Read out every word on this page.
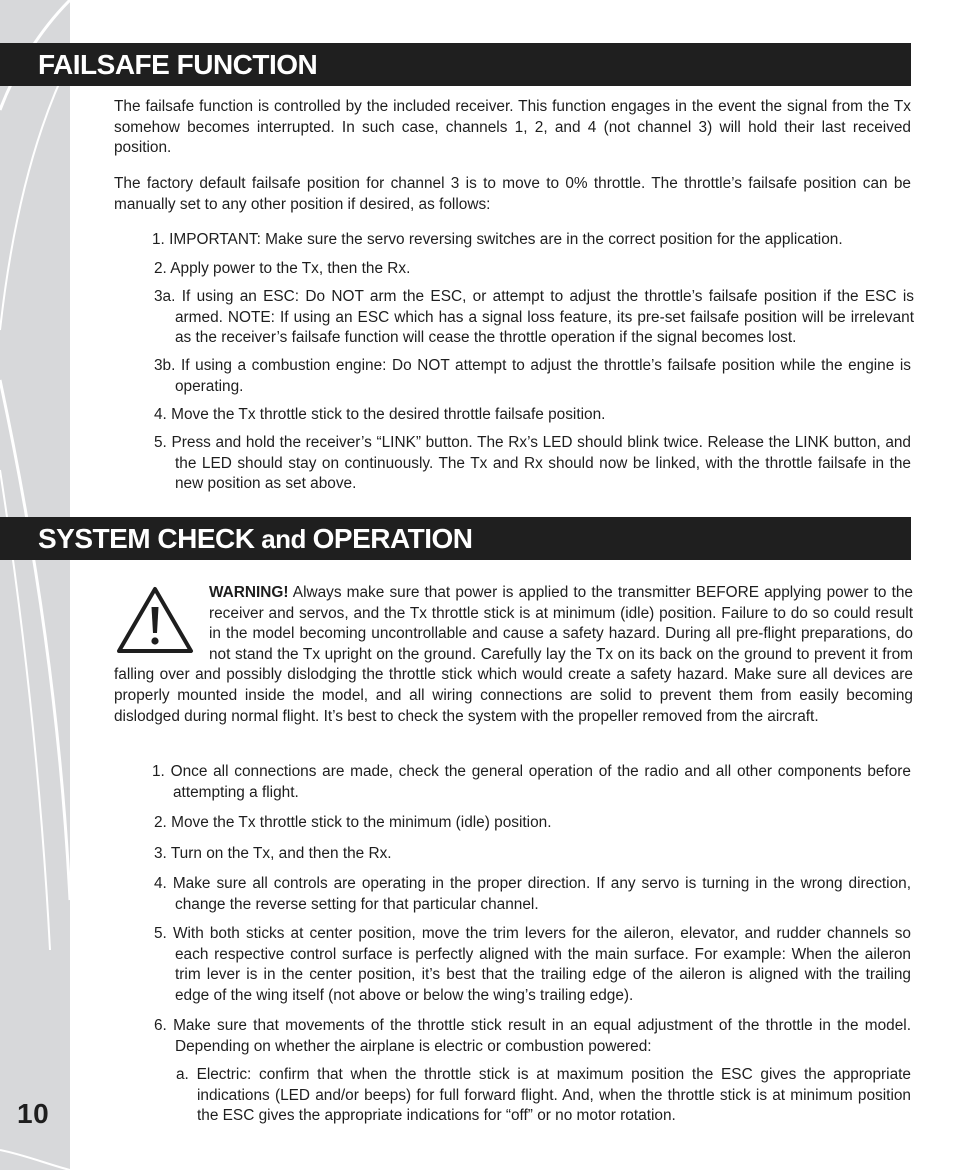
10
FAILSAFE FUNCTION

The failsafe function is controlled by the included receiver. This function engages in the event the signal from the Tx somehow becomes interrupted. In such case, channels 1, 2, and 4 (not channel 3) will hold their last received position.

The factory default failsafe position for channel 3 is to move to 0% throttle. The throttle’s failsafe position can be manually set to any other position if desired, as follows:

1. IMPORTANT: Make sure the servo reversing switches are in the correct position for the application.

2. Apply power to the Tx, then the Rx.

3a. If using an ESC: Do NOT arm the ESC, or attempt to adjust the throttle’s failsafe position if the ESC is armed. NOTE: If using an ESC which has a signal loss feature, its pre-set failsafe position will be irrelevant as the receiver’s failsafe function will cease the throttle operation if the signal becomes lost.

3b. If using a combustion engine: Do NOT attempt to adjust the throttle’s failsafe position while the engine is operating.

4. Move the Tx throttle stick to the desired throttle failsafe position.

5. Press and hold the receiver’s “LINK” button. The Rx’s LED should blink twice. Release the LINK button, and the LED should stay on continuously. The Tx and Rx should now be linked, with the throttle failsafe in the new position as set above.

SYSTEM CHECK and OPERATION

WARNING! Always make sure that power is applied to the transmitter BEFORE applying power to the receiver and servos, and the Tx throttle stick is at minimum (idle) position. Failure to do so could result in the model becoming uncontrollable and cause a safety hazard. During all pre-flight preparations, do not stand the Tx upright on the ground. Carefully lay the Tx on its back on the ground to prevent it from falling over and possibly dislodging the throttle stick which would create a safety hazard. Make sure all devices are properly mounted inside the model, and all wiring connections are solid to prevent them from easily becoming dislodged during normal flight. It’s best to check the system with the propeller removed from the aircraft.

1. Once all connections are made, check the general operation of the radio and all other components before attempting a flight.

2. Move the Tx throttle stick to the minimum (idle) position.

3. Turn on the Tx, and then the Rx.

4. Make sure all controls are operating in the proper direction. If any servo is turning in the wrong direction, change the reverse setting for that particular channel.

5. With both sticks at center position, move the trim levers for the aileron, elevator, and rudder channels so each respective control surface is perfectly aligned with the main surface. For example: When the aileron trim lever is in the center position, it’s best that the trailing edge of the aileron is aligned with the trailing edge of the wing itself (not above or below the wing’s trailing edge).

6. Make sure that movements of the throttle stick result in an equal adjustment of the throttle in the model. Depending on whether the airplane is electric or combustion powered:

a. Electric: confirm that when the throttle stick is at maximum position the ESC gives the appropriate indications (LED and/or beeps) for full forward flight. And, when the throttle stick is at minimum position the ESC gives the appropriate indications for “off” or no motor rotation.
